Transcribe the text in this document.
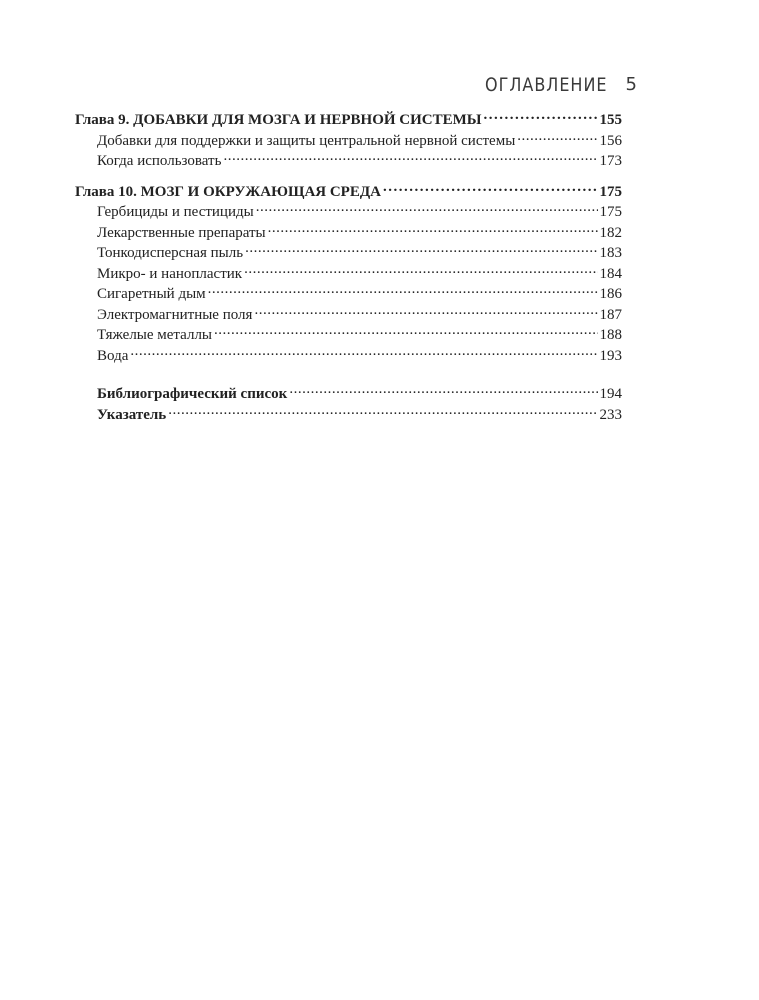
ОГЛАВЛЕНИЕ 5
Глава 9. ДОБАВКИ ДЛЯ МОЗГА И НЕРВНОЙ СИСТЕМЫ .....	155
Добавки для поддержки и защиты центральной нервной системы .....	156
Когда использовать .....	173
Глава 10. МОЗГ И ОКРУЖАЮЩАЯ СРЕДА .....	175
Гербициды и пестициды .....	175
Лекарственные препараты .....	182
Тонкодисперсная пыль .....	183
Микро- и нанопластик .....	184
Сигаретный дым .....	186
Электромагнитные поля .....	187
Тяжелые металлы .....	188
Вода .....	193
Библиографический список .....	194
Указатель .....	233
